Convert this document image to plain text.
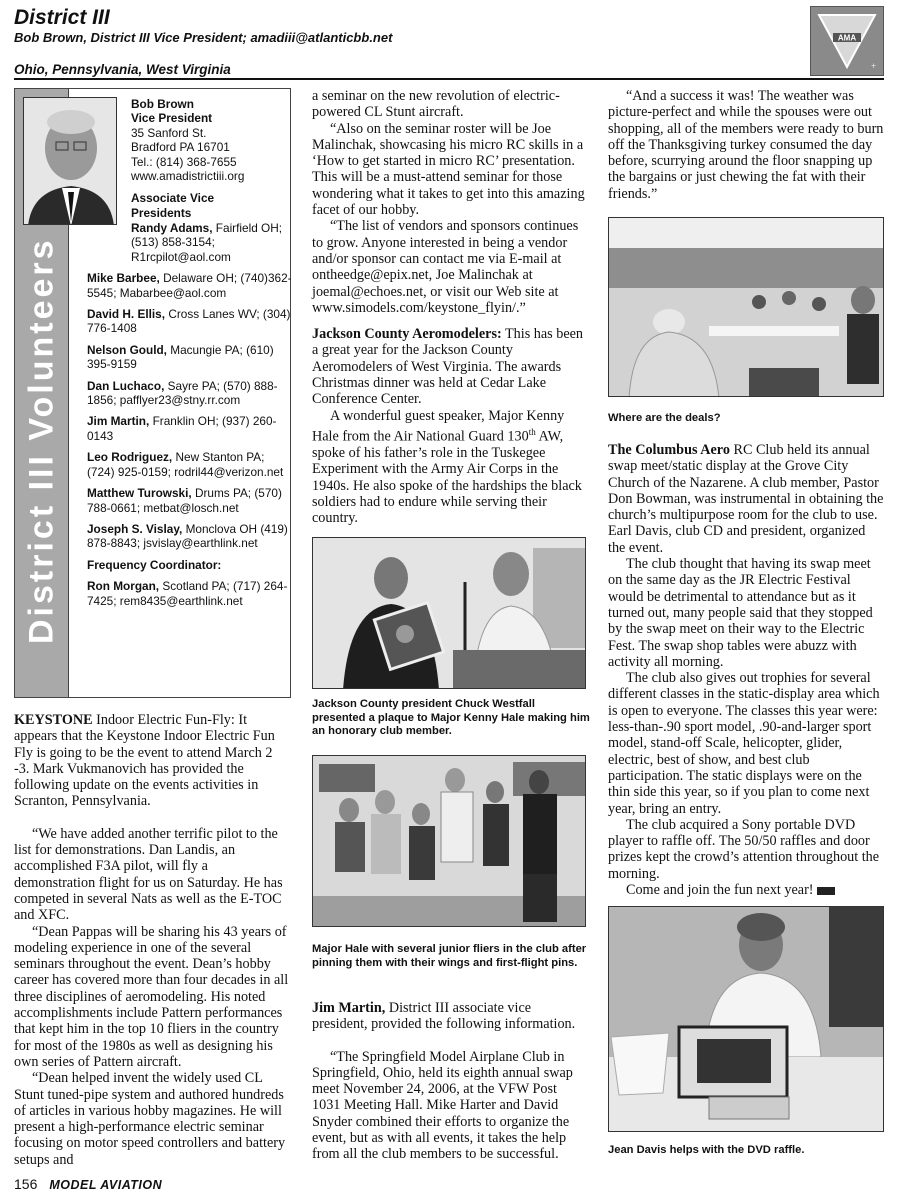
District III
Bob Brown, District III Vice President; amadiii@atlanticbb.net
Ohio, Pennsylvania, West Virginia
AMA
+
District III Volunteers
Bob Brown
Vice President
35 Sanford St.
Bradford PA 16701
Tel.: (814) 368-7655
www.amadistrictiii.org
Associate Vice
Presidents
Randy Adams, Fairfield OH; (513) 858-3154; R1rcpilot@aol.com
Mike Barbee, Delaware OH; (740)362-5545; Mabarbee@aol.com
David H. Ellis, Cross Lanes WV; (304) 776-1408
Nelson Gould, Macungie PA; (610) 395-9159
Dan Luchaco, Sayre PA; (570) 888-1856; pafflyer23@stny.rr.com
Jim Martin, Franklin OH; (937) 260-0143
Leo Rodriguez, New Stanton PA; (724) 925-0159; rodril44@verizon.net
Matthew Turowski, Drums PA; (570) 788-0661; metbat@losch.net
Joseph S. Vislay, Monclova OH (419) 878-8843; jsvislay@earthlink.net
Frequency Coordinator:
Ron Morgan, Scotland PA; (717) 264-7425; rem8435@earthlink.net

KEYSTONE Indoor Electric Fun-Fly: It appears that the Keystone Indoor Electric Fun Fly is going to be the event to attend March 2 -3. Mark Vukmanovich has provided the following update on the events activities in Scranton, Pennsylvania.

“We have added another terrific pilot to the list for demonstrations. Dan Landis, an accomplished F3A pilot, will fly a demonstration flight for us on Saturday. He has competed in several Nats as well as the E-TOC and XFC.

“Dean Pappas will be sharing his 43 years of modeling experience in one of the several seminars throughout the event. Dean’s hobby career has covered more than four decades in all three disciplines of aeromodeling. His noted accomplishments include Pattern performances that kept him in the top 10 fliers in the country for most of the 1980s as well as designing his own series of Pattern aircraft.

“Dean helped invent the widely used CL Stunt tuned-pipe system and authored hundreds of articles in various hobby magazines. He will present a high-performance electric seminar focusing on motor speed controllers and battery setups and

a seminar on the new revolution of electric-powered CL Stunt aircraft.

“Also on the seminar roster will be Joe Malinchak, showcasing his micro RC skills in a ‘How to get started in micro RC’ presentation. This will be a must-attend seminar for those wondering what it takes to get into this amazing facet of our hobby.

“The list of vendors and sponsors continues to grow. Anyone interested in being a vendor and/or sponsor can contact me via E-mail at ontheedge@epix.net, Joe Malinchak at joemal@echoes.net, or visit our Web site at www.simodels.com/keystone_flyin/.”

Jackson County Aeromodelers: This has been a great year for the Jackson County Aeromodelers of West Virginia. The awards Christmas dinner was held at Cedar Lake Conference Center.

A wonderful guest speaker, Major Kenny Hale from the Air National Guard 130th AW, spoke of his father’s role in the Tuskegee Experiment with the Army Air Corps in the 1940s. He also spoke of the hardships the black soldiers had to endure while serving their country.

Jackson County president Chuck Westfall presented a plaque to Major Kenny Hale making him an honorary club member.
Major Hale with several junior fliers in the club after pinning them with their wings and first-flight pins.

Jim Martin, District III associate vice president, provided the following information.

“The Springfield Model Airplane Club in Springfield, Ohio, held its eighth annual swap meet November 24, 2006, at the VFW Post 1031 Meeting Hall. Mike Harter and David Snyder combined their efforts to organize the event, but as with all events, it takes the help from all the club members to be successful.

“And a success it was! The weather was picture-perfect and while the spouses were out shopping, all of the members were ready to burn off the Thanksgiving turkey consumed the day before, scurrying around the floor snapping up the bargains or just chewing the fat with their friends.”

Where are the deals?

The Columbus Aero RC Club held its annual swap meet/static display at the Grove City Church of the Nazarene. A club member, Pastor Don Bowman, was instrumental in obtaining the church’s multipurpose room for the club to use. Earl Davis, club CD and president, organized the event.

The club thought that having its swap meet on the same day as the JR Electric Festival would be detrimental to attendance but as it turned out, many people said that they stopped by the swap meet on their way to the Electric Fest. The swap shop tables were abuzz with activity all morning.

The club also gives out trophies for several different classes in the static-display area which is open to everyone. The classes this year were: less-than-.90 sport model, .90-and-larger sport model, stand-off Scale, helicopter, glider, electric, best of show, and best club participation. The static displays were on the thin side this year, so if you plan to come next year, bring an entry.

The club acquired a Sony portable DVD player to raffle off. The 50/50 raffles and door prizes kept the crowd’s attention throughout the morning.

Come and join the fun next year!

Jean Davis helps with the DVD raffle.
156 MODEL AVIATION
